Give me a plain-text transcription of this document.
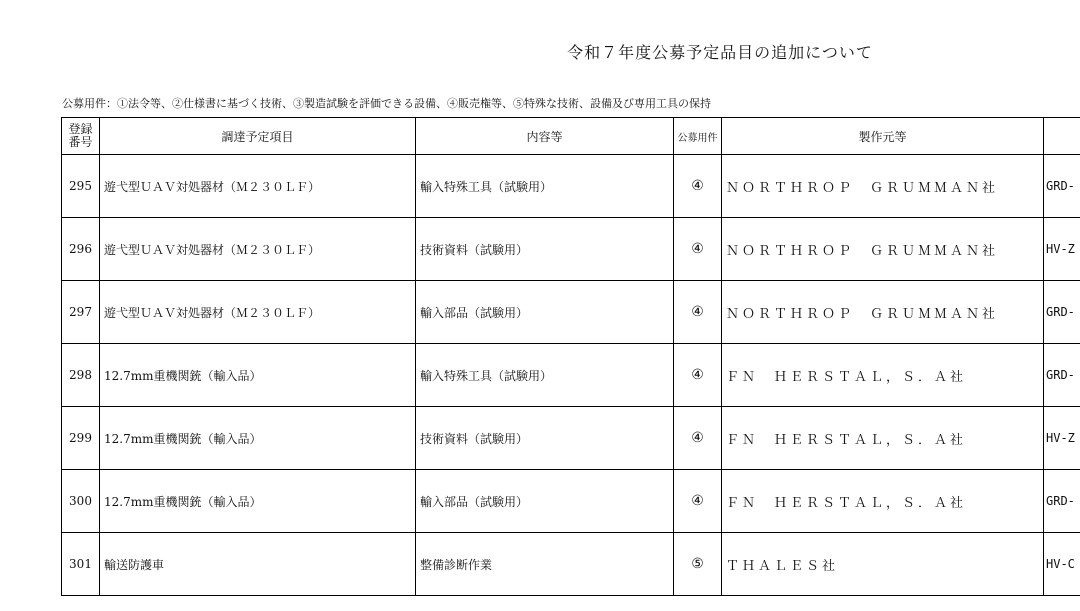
令和７年度公募予定品目の追加について
公募用件：①法令等、②仕様書に基づく技術、③製造試験を評価できる設備、④販売権等、⑤特殊な技術、設備及び専用工具の保持
登録
番号	調達予定項目	内容等	公募用件	製作元等	
295	遊弋型ＵＡＶ対処器材（Ｍ２３０ＬＦ）	輸入特殊工具（試験用）	④	ＮＯＲＴＨＲＯＰ　ＧＲＵＭＭＡＮ社	GRD-
296	遊弋型ＵＡＶ対処器材（Ｍ２３０ＬＦ）	技術資料（試験用）	④	ＮＯＲＴＨＲＯＰ　ＧＲＵＭＭＡＮ社	HV-Z
297	遊弋型ＵＡＶ対処器材（Ｍ２３０ＬＦ）	輸入部品（試験用）	④	ＮＯＲＴＨＲＯＰ　ＧＲＵＭＭＡＮ社	GRD-
298	12.7mm重機関銃（輸入品）	輸入特殊工具（試験用）	④	ＦＮ　ＨＥＲＳＴＡＬ，Ｓ．Ａ社	GRD-
299	12.7mm重機関銃（輸入品）	技術資料（試験用）	④	ＦＮ　ＨＥＲＳＴＡＬ，Ｓ．Ａ社	HV-Z
300	12.7mm重機関銃（輸入品）	輸入部品（試験用）	④	ＦＮ　ＨＥＲＳＴＡＬ，Ｓ．Ａ社	GRD-
301	輸送防護車	整備診断作業	⑤	ＴＨＡＬＥＳ社	HV-C
